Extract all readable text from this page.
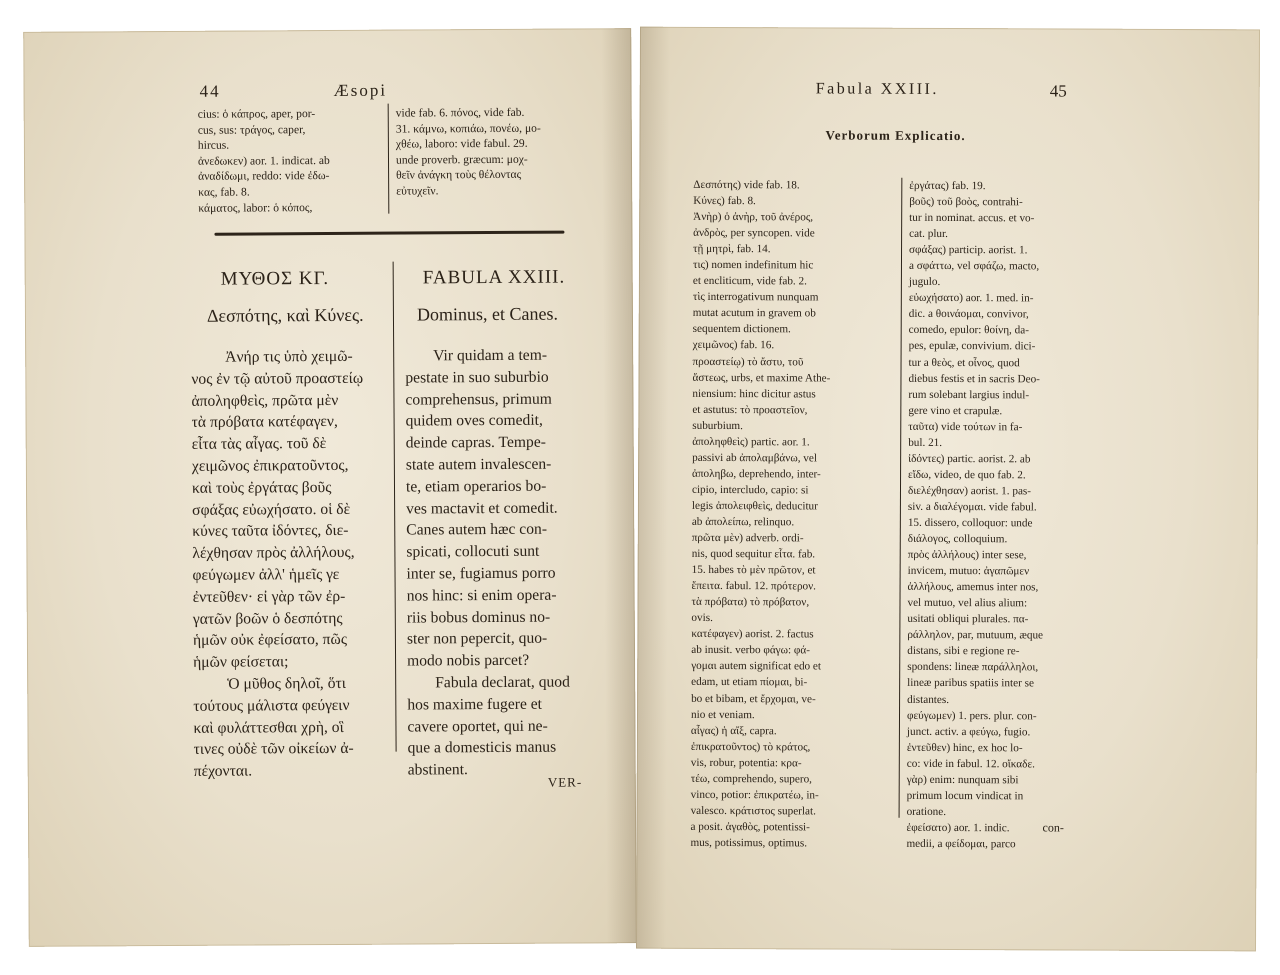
44	Æsopi
cius: ὁ κάπρος, aper, por-
cus, sus: τράγος, caper,
hircus.
ἀνεδωκεν) aor. 1. indicat. ab
ἀναδίδωμι, reddo: vide ἐδω-
κας, fab. 8.
κάματος, labor: ὁ κόπος,
vide fab. 6. πόνος, vide fab.
31. κάμνω, κοπιάω, πονέω, μο-
χθέω, laboro: vide fabul. 29.
unde proverb. græcum: μοχ-
θεῖν ἀνάγκη τοὺς θέλοντας
εὐτυχεῖν.
ΜΥΘΟΣ ΚΓ.
Δεσπότης, καὶ Κύνες.
Ἀνήρ τις ὑπὸ χειμῶ-
νος ἐν τῷ αὐτοῦ προαστείῳ
ἀποληφθεὶς, πρῶτα μὲν
τὰ πρόβατα κατέφαγεν,
εἶτα τὰς αἶγας. τοῦ δὲ
χειμῶνος ἐπικρατοῦντος,
καὶ τοὺς ἐργάτας βοῦς
σφάξας εὐωχήσατο. οἱ δὲ
κύνες ταῦτα ἰδόντες, διε-
λέχθησαν πρὸς ἀλλήλους,
φεύγωμεν ἀλλ' ἡμεῖς γε
ἐντεῦθεν· εἰ γὰρ τῶν ἐρ-
γατῶν βοῶν ὁ δεσπότης
ἡμῶν οὐκ ἐφείσατο, πῶς
ἡμῶν φείσεται;
Ὁ μῦθος δηλοῖ, ὅτι
τούτους μάλιστα φεύγειν
καὶ φυλάττεσθαι χρὴ, οἳ
τινες οὐδὲ τῶν οἰκείων ἀ-
πέχονται.
FABULA XXIII.
Dominus, et Canes.
Vir quidam a tem-
pestate in suo suburbio
comprehensus, primum
quidem oves comedit,
deinde capras. Tempe-
state autem invalescen-
te, etiam operarios bo-
ves mactavit et comedit.
Canes autem hæc con-
spicati, collocuti sunt
inter se, fugiamus porro
nos hinc: si enim opera-
riis bobus dominus no-
ster non pepercit, quo-
modo nobis parcet?
Fabula declarat, quod
hos maxime fugere et
cavere oportet, qui ne-
que a domesticis manus
abstinent.
VER-
Fabula XXIII.	45
Verborum Explicatio.
Δεσπότης) vide fab. 18.
Κύνες) fab. 8.
Ἀνὴρ) ὁ ἀνὴρ, τοῦ ἀνέρος,
ἀνδρὸς, per syncopen. vide
τῇ μητρὶ, fab. 14.
τις) nomen indefinitum hic
et encliticum, vide fab. 2.
τὶς interrogativum nunquam
mutat acutum in gravem ob
sequentem dictionem.
χειμῶνος) fab. 16.
προαστείῳ) τὸ ἄστυ, τοῦ
ἄστεως, urbs, et maxime Athe-
niensium: hinc dicitur astus
et astutus: τὸ προαστεῖον,
suburbium.
ἀποληφθεὶς) partic. aor. 1.
passivi ab ἀπολαμβάνω, vel
ἀποληβω, deprehendo, inter-
cipio, intercludo, capio: si
legis ἀπολειφθεὶς, deducitur
ab ἀπολείπω, relinquo.
πρῶτα μὲν) adverb. ordi-
nis, quod sequitur εἶτα. fab.
15. habes τὸ μὲν πρῶτον, et
ἔπειτα. fabul. 12. πρότερον.
τὰ πρόβατα) τὸ πρόβατον,
ovis.
κατέφαγεν) aorist. 2. factus
ab inusit. verbo φάγω: φά-
γομαι autem significat edo et
edam, ut etiam πίομαι, bi-
bo et bibam, et ἔρχομαι, ve-
nio et veniam.
αἶγας) ἡ αἴξ, capra.
ἐπικρατοῦντος) τὸ κράτος,
vis, robur, potentia: κρα-
τέω, comprehendo, supero,
vinco, potior: ἐπικρατέω, in-
valesco. κράτιστος superlat.
a posit. ἀγαθὸς, potentissi-
mus, potissimus, optimus.
ἐργάτας) fab. 19.
βοῦς) τοῦ βοὸς, contrahi-
tur in nominat. accus. et vo-
cat. plur.
σφάξας) particip. aorist. 1.
a σφάττω, vel σφάζω, macto,
jugulo.
εὐωχήσατο) aor. 1. med. in-
dic. a θοινάομαι, convivor,
comedo, epulor: θοίνη, da-
pes, epulæ, convivium. dici-
tur a θεὸς, et οἶνος, quod
diebus festis et in sacris Deo-
rum solebant largius indul-
gere vino et crapulæ.
ταῦτα) vide τούτων in fa-
bul. 21.
ἰδόντες) partic. aorist. 2. ab
εἴδω, video, de quo fab. 2.
διελέχθησαν) aorist. 1. pas-
siv. a διαλέγομαι. vide fabul.
15. dissero, colloquor: unde
διάλογος, colloquium.
πρὸς ἀλλήλους) inter sese,
invicem, mutuo: ἀγαπῶμεν
ἀλλήλους, amemus inter nos,
vel mutuo, vel alius alium:
usitati obliqui plurales. πα-
ράλληλον, par, mutuum, æque
distans, sibi e regione re-
spondens: lineæ παράλληλοι,
lineæ paribus spatiis inter se
distantes.
φεύγωμεν) 1. pers. plur. con-
junct. activ. a φεύγω, fugio.
ἐντεῦθεν) hinc, ex hoc lo-
co: vide in fabul. 12. οἴκαδε.
γὰρ) enim: nunquam sibi
primum locum vindicat in
oratione.
ἐφείσατο) aor. 1. indic.
medii, a φείδομαι, parco
con-
